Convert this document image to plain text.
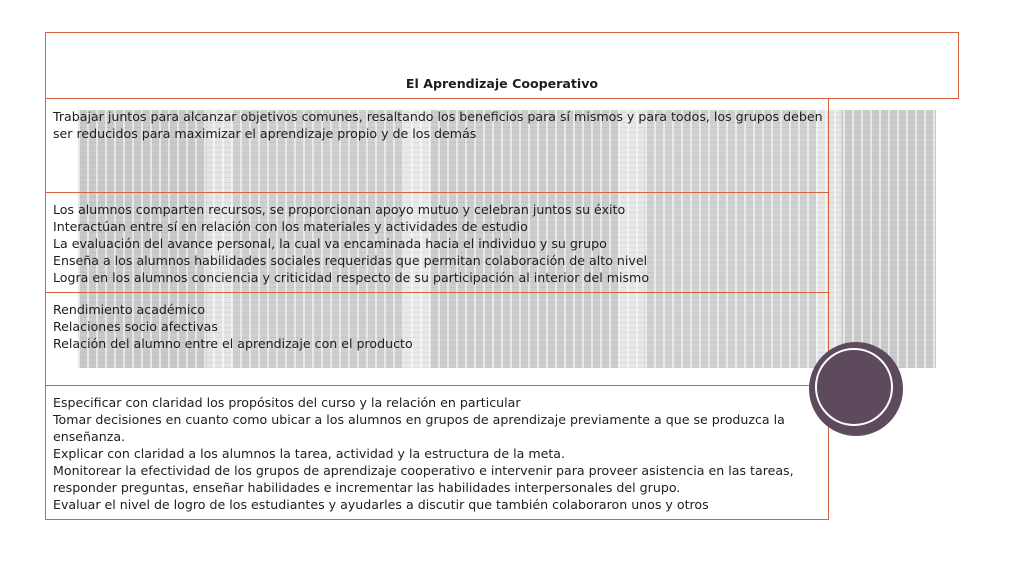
El Aprendizaje Cooperativo
Trabajar juntos para alcanzar objetivos comunes, resaltando los beneficios para sí mismos y para todos, los grupos deben ser reducidos para maximizar el aprendizaje propio y de los demás
Los alumnos comparten recursos, se proporcionan apoyo mutuo y celebran juntos su éxito
Interactúan entre sí en relación con los materiales y actividades de estudio
La evaluación del avance personal, la cual va encaminada hacia el individuo y su grupo
Enseña a los alumnos habilidades sociales requeridas que permitan colaboración de alto nivel
Logra en los alumnos conciencia y criticidad respecto de su participación al interior del mismo
Rendimiento académico
Relaciones socio afectivas
Relación del alumno entre el aprendizaje con el producto
Especificar con claridad los propósitos del curso y la relación en particular
Tomar decisiones en cuanto como ubicar a los alumnos en grupos de aprendizaje previamente a que se produzca la enseñanza.
Explicar con claridad a los alumnos la tarea, actividad y la estructura de la meta.
Monitorear la efectividad de los grupos de aprendizaje cooperativo e intervenir para proveer asistencia en las tareas, responder preguntas, enseñar habilidades e incrementar las habilidades interpersonales del grupo.
Evaluar el nivel de logro de los estudiantes y ayudarles a discutir que también colaboraron unos y otros
